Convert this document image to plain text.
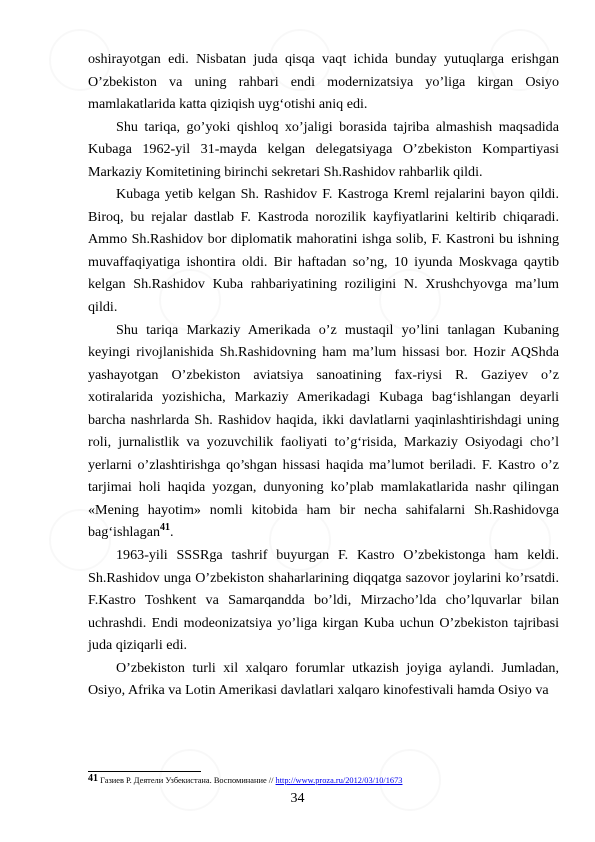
oshirayotgan edi. Nisbatan juda qisqa vaqt ichida bunday yutuqlarga erishgan O’zbekiston va uning rahbari endi modernizatsiya yo’liga kirgan Osiyo mamlakatlarida katta qiziqish uyg‘otishi aniq edi.

Shu tariqa, go’yoki qishloq xo’jaligi borasida tajriba almashish maqsadida Kubaga 1962-yil 31-mayda kelgan delegatsiyaga O’zbekiston Kompartiyasi Markaziy Komitetining birinchi sekretari Sh.Rashidov rahbarlik qildi.

Kubaga yetib kelgan Sh. Rashidov F. Kastroga Kreml rejalarini bayon qildi. Biroq, bu rejalar dastlab F. Kastroda norozilik kayfiyatlarini keltirib chiqaradi. Ammo Sh.Rashidov bor diplomatik mahoratini ishga solib, F. Kastroni bu ishning muvaffaqiyatiga ishontira oldi. Bir haftadan so’ng, 10 iyunda Moskvaga qaytib kelgan Sh.Rashidov Kuba rahbariyatining roziligini N. Xrushchyovga ma’lum qildi.

Shu tariqa Markaziy Amerikada o’z mustaqil yo’lini tanlagan Kubaning keyingi rivojlanishida Sh.Rashidovning ham ma’lum hissasi bor. Hozir AQShda yashayotgan O’zbekiston aviatsiya sanoatining fax-riysi R. Gaziyev o’z xotiralarida yozishicha, Markaziy Amerikadagi Kubaga bag‘ishlangan deyarli barcha nashrlarda Sh. Rashidov haqida, ikki davlatlarni yaqinlashtirishdagi uning roli, jurnalistlik va yozuvchilik faoliyati to’g‘risida, Markaziy Osiyodagi cho’l yerlarni o’zlashtirishga qo’shgan hissasi haqida ma’lumot beriladi. F. Kastro o’z tarjimai holi haqida yozgan, dunyoning ko’plab mamlakatlarida nashr qilingan «Mening hayotim» nomli kitobida ham bir necha sahifalarni Sh.Rashidovga bag‘ishlagan$^{41}$.

1963-yili SSSRga tashrif buyurgan F. Kastro O’zbekistonga ham keldi. Sh.Rashidov unga O’zbekiston shaharlarining diqqatga sazovor joylarini ko’rsatdi. F.Kastro Toshkent va Samarqandda bo’ldi, Mirzacho’lda cho’lquvarlar bilan uchrashdi. Endi modeonizatsiya yo’liga kirgan Kuba uchun O’zbekiston tajribasi juda qiziqarli edi.

O’zbekiston turli xil xalqaro forumlar utkazish joyiga aylandi. Jumladan, Osiyo, Afrika va Lotin Amerikasi davlatlari xalqaro kinofestivali hamda Osiyo va

41 Газиев Р. Деятели Узбекистана. Воспоминание // http://www.proza.ru/2012/03/10/1673
34
